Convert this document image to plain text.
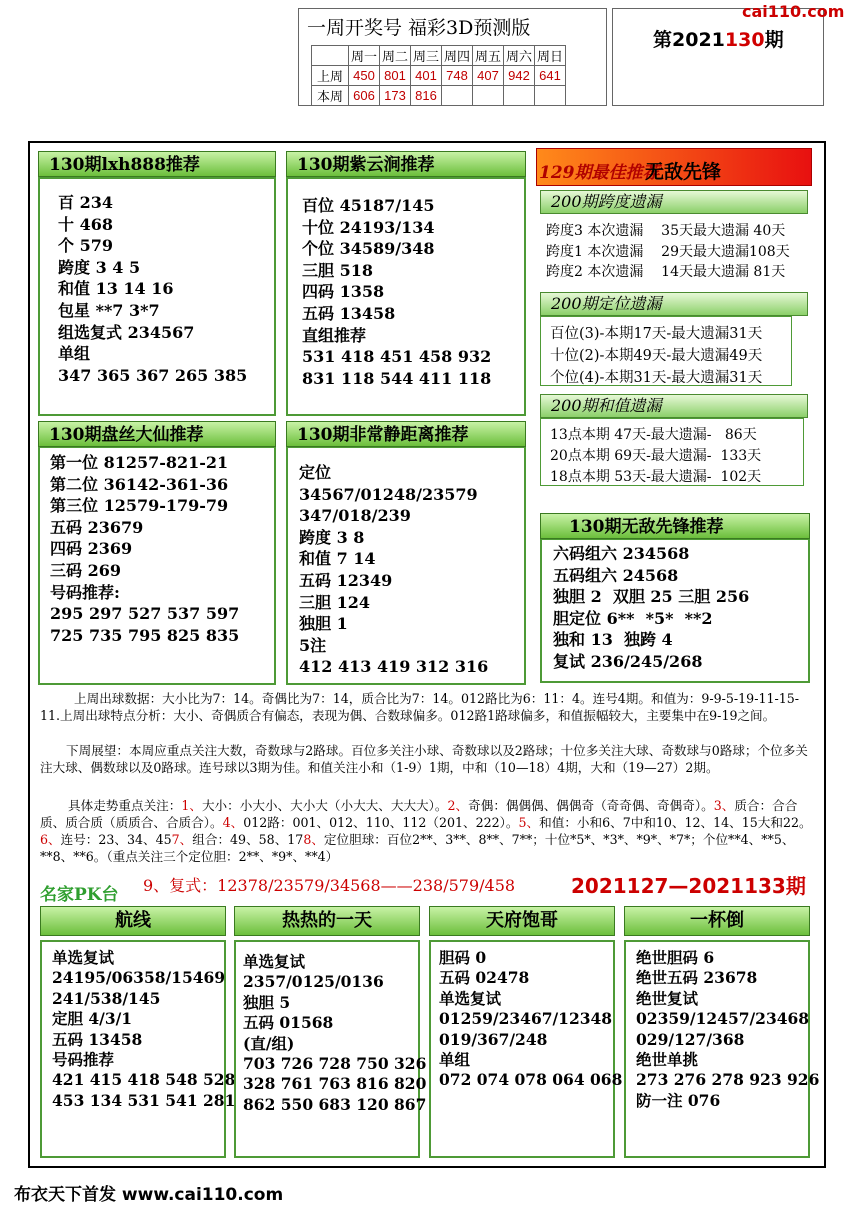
一周开奖号 福彩3D预测版
	周一	周二	周三	周四	周五	周六	周日
上周	450	801	401	748	407	942	641
本周	606	173	816				
第2021130期
cai110.com
130期lxh888推荐
百 234
十 468
个 579
跨度 3 4 5
和值 13 14 16
包星 **7 3*7
组选复式 234567
单组
347 365 367 265 385
130期紫云涧推荐
百位 45187/145
十位 24193/134
个位 34589/348
三胆 518
四码 1358
五码 13458
直组推荐
531 418 451 458 932
831 118 544 411 118
130期盘丝大仙推荐
第一位 81257-821-21
第二位 36142-361-36
第三位 12579-179-79
五码 23679
四码 2369
三码 269
号码推荐:
295 297 527 537 597
725 735 795 825 835
130期非常静距离推荐
定位
34567/01248/23579
347/018/239
跨度 3 8
和值 7 14
五码 12349
三胆 124
独胆 1
5注
412 413 419 312 316
129期最佳推荐
无敌先锋
200期跨度遗漏
跨度3 本次遗漏    35天最大遗漏 40天
跨度1 本次遗漏    29天最大遗漏108天
跨度2 本次遗漏    14天最大遗漏 81天
200期定位遗漏
百位(3)-本期17天-最大遗漏31天
十位(2)-本期49天-最大遗漏49天
个位(4)-本期31天-最大遗漏31天
200期和值遗漏
13点本期 47天-最大遗漏-   86天
20点本期 69天-最大遗漏-  133天
18点本期 53天-最大遗漏-  102天
130期无敌先锋推荐
六码组六 234568
五码组六 24568
独胆 2  双胆 25 三胆 256
胆定位 6**  *5*  **2
独和 13  独跨 4
复试 236/245/268
上周出球数据：大小比为7：14。奇偶比为7：14，质合比为7：14。012路比为6：11：4。连号4期。和值为：9-9-5-19-11-15-11.上周出球特点分析：大小、奇偶质合有偏态，表现为偶、合数球偏多。012路1路球偏多，和值振幅较大，主要集中在9-19之间。
下周展望：本周应重点关注大数，奇数球与2路球。百位多关注小球、奇数球以及2路球；十位多关注大球、奇数球与0路球；个位多关注大球、偶数球以及0路球。连号球以3期为佳。和值关注小和（1-9）1期，中和（10—18）4期，大和（19—27）2期。
具体走势重点关注：1、大小：小大小、大小大（小大大、大大大）。2、奇偶：偶偶偶、偶偶奇（奇奇偶、奇偶奇）。3、质合：合合质、质合质（质质合、合质合）。4、012路：001、012、110、112（201、222）。5、和值：小和6、7中和10、12、14、15大和22。6、连号：23、34、457、组合：49、58、178、定位胆球：百位2**、3**、8**、7**；十位*5*、*3*、*9*、*7*；个位**4、**5、**8、**6。（重点关注三个定位胆：2**、*9*、**4）
名家PK台 9、复式：12378/23579/34568——238/579/458	2021127—2021133期
航线
单选复试
24195/06358/15469
241/538/145
定胆 4/3/1
五码 13458
号码推荐
421 415 418 548 528
453 134 531 541 281
热热的一天
单选复试
2357/0125/0136
独胆 5
五码 01568
(直/组)
703 726 728 750 326
328 761 763 816 820
862 550 683 120 867
天府饱哥
胆码 0
五码 02478
单选复试
01259/23467/12348
019/367/248
单组
072 074 078 064 068
一杯倒
绝世胆码 6
绝世五码 23678
绝世复试
02359/12457/23468
029/127/368
绝世单挑
273 276 278 923 926
防一注 076
布衣天下首发 www.cai110.com
